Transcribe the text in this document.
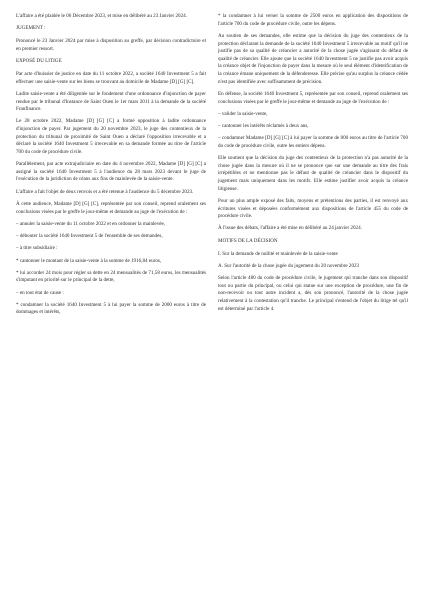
L'affaire a été plaidée le 06 Décembre 2023, et mise en délibéré au 23 Janvier 2024.

JUGEMENT :

Prononcé le 23 Janvier 2024 par mise à disposition au greffe, par décision contradictoire et en premier ressort.

EXPOSÉ DU LITIGE

Par acte d'huissier de justice en date du 11 octobre 2022, a société 1640 Investment 5 a fait effectuer une saisie-vente sur les biens se trouvant au domicile de Madame [D] [G] [C].

Ladite saisie-vente a été diligentée sur le fondement d'une ordonnance d'injonction de payer rendue par le tribunal d'Instance de Saint Ouen le 1er mars 2011 à la demande de la société Franfinance.

Le 28 octobre 2022, Madame [D] [G] [C] a formé opposition à ladite ordonnance d'injonction de payer. Par jugement du 20 novembre 2023, le juge des contentieux de la protection du tribunal de proximité de Saint Ouen a déclaré l'opposition irrecevable et a déclaré la société 1640 Investment 5 irrecevable en sa demande formée au titre de l'article 700 du code de procédure civile.

Parallèlement, par acte extrajudiciaire en date du 4 novembre 2022, Madame [D] [G] [C] a assigné la société 1640 Investment 5 à l'audience du 28 mars 2023 devant le juge de l'exécution de la juridiction de céans aux fins de mainlevée de la saisie-vente.

L'affaire a fait l'objet de deux renvois et a été retenue à l'audience du 5 décembre 2023.

À cette audience, Madame [D] [G] [C], représentée par son conseil, reprend oralement ses conclusions visées par le greffe le jour-même et demande au juge de l'exécution de :

– annuler la saisie-vente du 11 octobre 2022 et en ordonner la mainlevée,

– débouter la société 1640 Investment 5 de l'ensemble de ses demandes,

– à titre subsidiaire :

* cantonner le montant de la saisie-vente à la somme de 1916,84 euros,

* lui accorder 24 mois pour régler sa dette en 24 mensualités de 71,58 euros, les mensualités s'imputant en priorité sur le principal de la dette,

– en tout état de cause :

* condamner la société 1640 Investment 5 à lui payer la somme de 2000 euros à titre de dommages et intérêts,

* la condamner à lui verser la somme de 2500 euros en application des dispositions de l'article 700 du code de procédure civile, outre les dépens.

Au soutien de ses demandes, elle estime que la décision du juge des contentieux de la protection déclarant la demande de la société 1640 Investment 5 irrecevable au motif qu'il ne justifie pas de sa qualité de créancier a autorité de la chose jugée s'agissant du défaut de qualité de créancier. Elle ajoute que la société 1640 Investment 5 ne justifie pas avoir acquis la créance objet de l'injonction de payer dans la mesure où le seul élément d'identification de la créance émane uniquement de la défenderesse. Elle précise qu'au surplus la créance cédée n'est pas identifiée avec suffisamment de précision.

En défense, la société 1640 Investment 5, représentée par son conseil, reprend oralement ses conclusions visées par le greffe le jour-même et demande au juge de l'exécution de :

– valider la saisie-vente,

– cantonner les intérêts réclamés à deux ans,

– condamner Madame [D] [G] [C] à lui payer la somme de 800 euros au titre de l'article 700 du code de procédure civile, outre les entiers dépens.

Elle soutient que la décision du juge des contentieux de la protection n'a pas autorité de la chose jugée dans la mesure où il ne se prononce que sur une demande au titre des frais irrépétibles et ne mentionne pas le défaut de qualité de créancier dans le dispositif du jugement mais uniquement dans les motifs. Elle estime justifier avoir acquis la créance litigieuse.

Pour un plus ample exposé des faits, moyens et prétentions des parties, il est renvoyé aux écritures visées et déposées conformément aux dispositions de l'article 455 du code de procédure civile.

À l'issue des débats, l'affaire a été mise en délibéré au 24 janvier 2024.

MOTIFS DE LA DÉCISION

I. Sur la demande de nullité et mainlevée de la saisie-vente

A. Sur l'autorité de la chose jugée du jugement du 20 novembre 2023

Selon l'article 480 du code de procédure civile, le jugement qui tranche dans son dispositif tout ou partie du principal, ou celui qui statue sur une exception de procédure, une fin de non-recevoir ou tout autre incident a, dès son prononcé, l'autorité de la chose jugée relativement à la contestation qu'il tranche. Le principal s'entend de l'objet du litige tel qu'il est déterminé par l'article 4.
